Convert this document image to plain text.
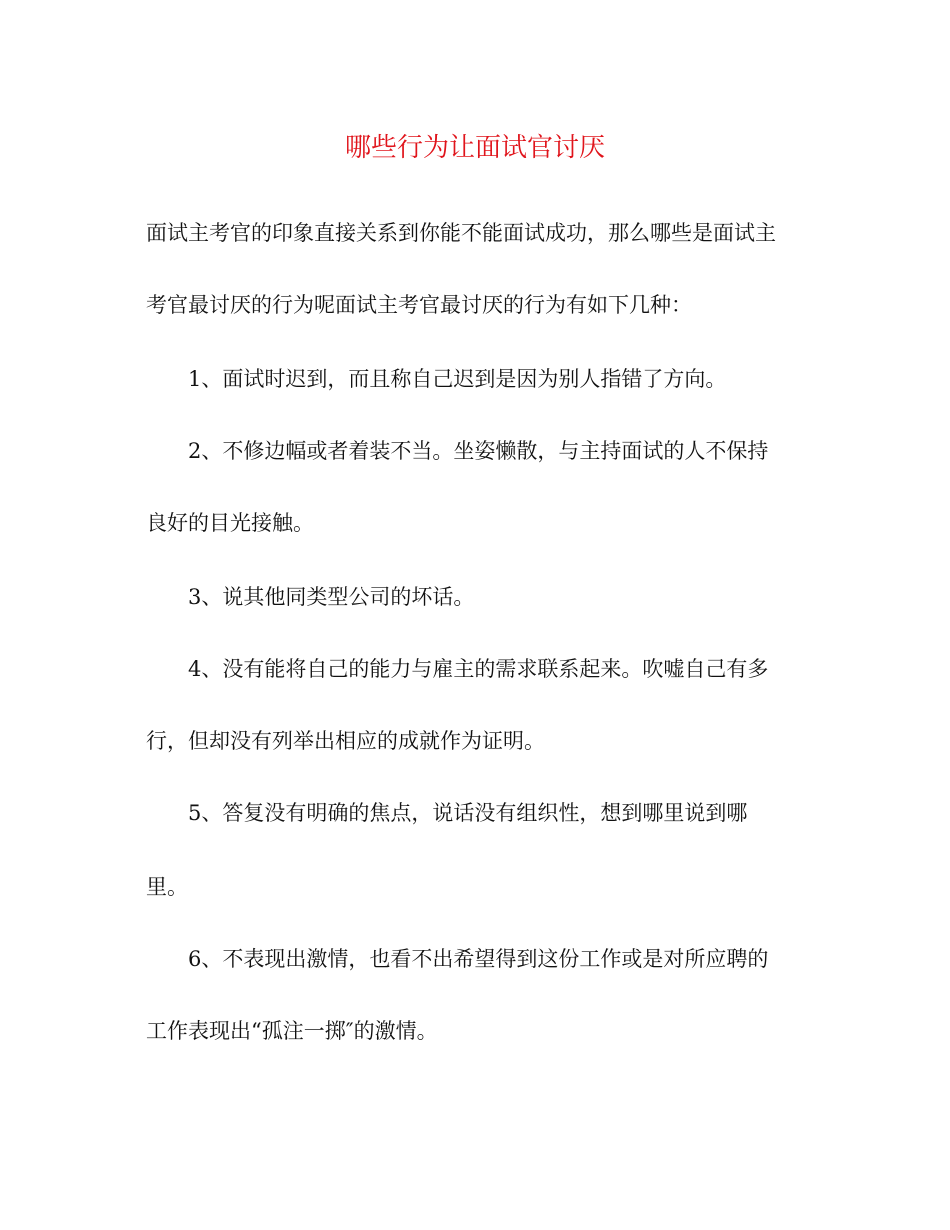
哪些行为让面试官讨厌

面试主考官的印象直接关系到你能不能面试成功，那么哪些是面试主

考官最讨厌的行为呢面试主考官最讨厌的行为有如下几种：

1、面试时迟到，而且称自己迟到是因为别人指错了方向。

2、不修边幅或者着装不当。坐姿懒散，与主持面试的人不保持

良好的目光接触。

3、说其他同类型公司的坏话。

4、没有能将自己的能力与雇主的需求联系起来。吹嘘自己有多

行，但却没有列举出相应的成就作为证明。

5、答复没有明确的焦点，说话没有组织性，想到哪里说到哪

里。

6、不表现出激情，也看不出希望得到这份工作或是对所应聘的

工作表现出“孤注一掷″的激情。
